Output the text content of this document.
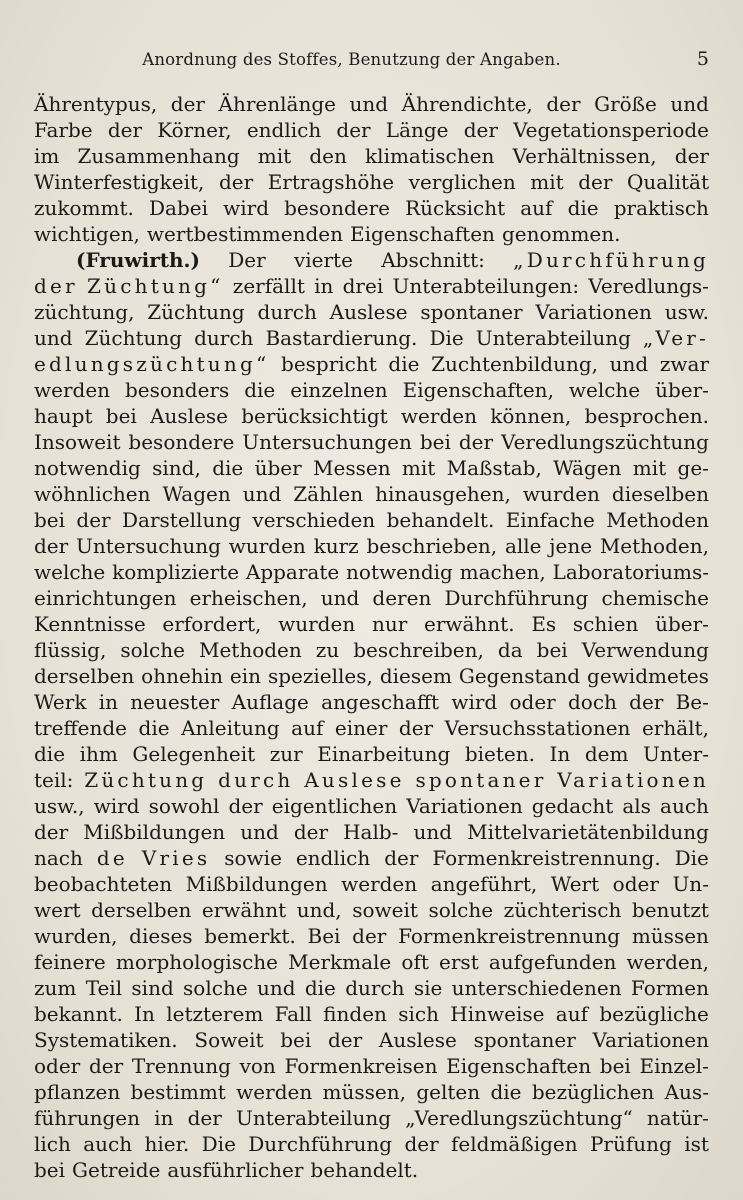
Anordnung des Stoffes, Benutzung der Angaben.	5
Ährentypus, der Ährenlänge und Ährendichte, der Größe und
Farbe der Körner, endlich der Länge der Vegetationsperiode
im Zusammenhang mit den klimatischen Verhältnissen, der
Winterfestigkeit, der Ertragshöhe verglichen mit der Qualität
zukommt. Dabei wird besondere Rücksicht auf die praktisch
wichtigen, wertbestimmenden Eigenschaften genommen.
(Fruwirth.) Der vierte Abschnitt: „Durchführung
der Züchtung“ zerfällt in drei Unterabteilungen: Veredlungs-
züchtung, Züchtung durch Auslese spontaner Variationen usw.
und Züchtung durch Bastardierung. Die Unterabteilung „Ver-
edlungszüchtung“ bespricht die Zuchtenbildung, und zwar
werden besonders die einzelnen Eigenschaften, welche über-
haupt bei Auslese berücksichtigt werden können, besprochen.
Insoweit besondere Untersuchungen bei der Veredlungszüchtung
notwendig sind, die über Messen mit Maßstab, Wägen mit ge-
wöhnlichen Wagen und Zählen hinausgehen, wurden dieselben
bei der Darstellung verschieden behandelt. Einfache Methoden
der Untersuchung wurden kurz beschrieben, alle jene Methoden,
welche komplizierte Apparate notwendig machen, Laboratoriums-
einrichtungen erheischen, und deren Durchführung chemische
Kenntnisse erfordert, wurden nur erwähnt. Es schien über-
flüssig, solche Methoden zu beschreiben, da bei Verwendung
derselben ohnehin ein spezielles, diesem Gegenstand gewidmetes
Werk in neuester Auflage angeschafft wird oder doch der Be-
treffende die Anleitung auf einer der Versuchsstationen erhält,
die ihm Gelegenheit zur Einarbeitung bieten. In dem Unter-
teil: Züchtung durch Auslese spontaner Variationen
usw., wird sowohl der eigentlichen Variationen gedacht als auch
der Mißbildungen und der Halb- und Mittelvarietätenbildung
nach de Vries sowie endlich der Formenkreistrennung. Die
beobachteten Mißbildungen werden angeführt, Wert oder Un-
wert derselben erwähnt und, soweit solche züchterisch benutzt
wurden, dieses bemerkt. Bei der Formenkreistrennung müssen
feinere morphologische Merkmale oft erst aufgefunden werden,
zum Teil sind solche und die durch sie unterschiedenen Formen
bekannt. In letzterem Fall finden sich Hinweise auf bezügliche
Systematiken. Soweit bei der Auslese spontaner Variationen
oder der Trennung von Formenkreisen Eigenschaften bei Einzel-
pflanzen bestimmt werden müssen, gelten die bezüglichen Aus-
führungen in der Unterabteilung „Veredlungszüchtung“ natür-
lich auch hier. Die Durchführung der feldmäßigen Prüfung ist
bei Getreide ausführlicher behandelt.
